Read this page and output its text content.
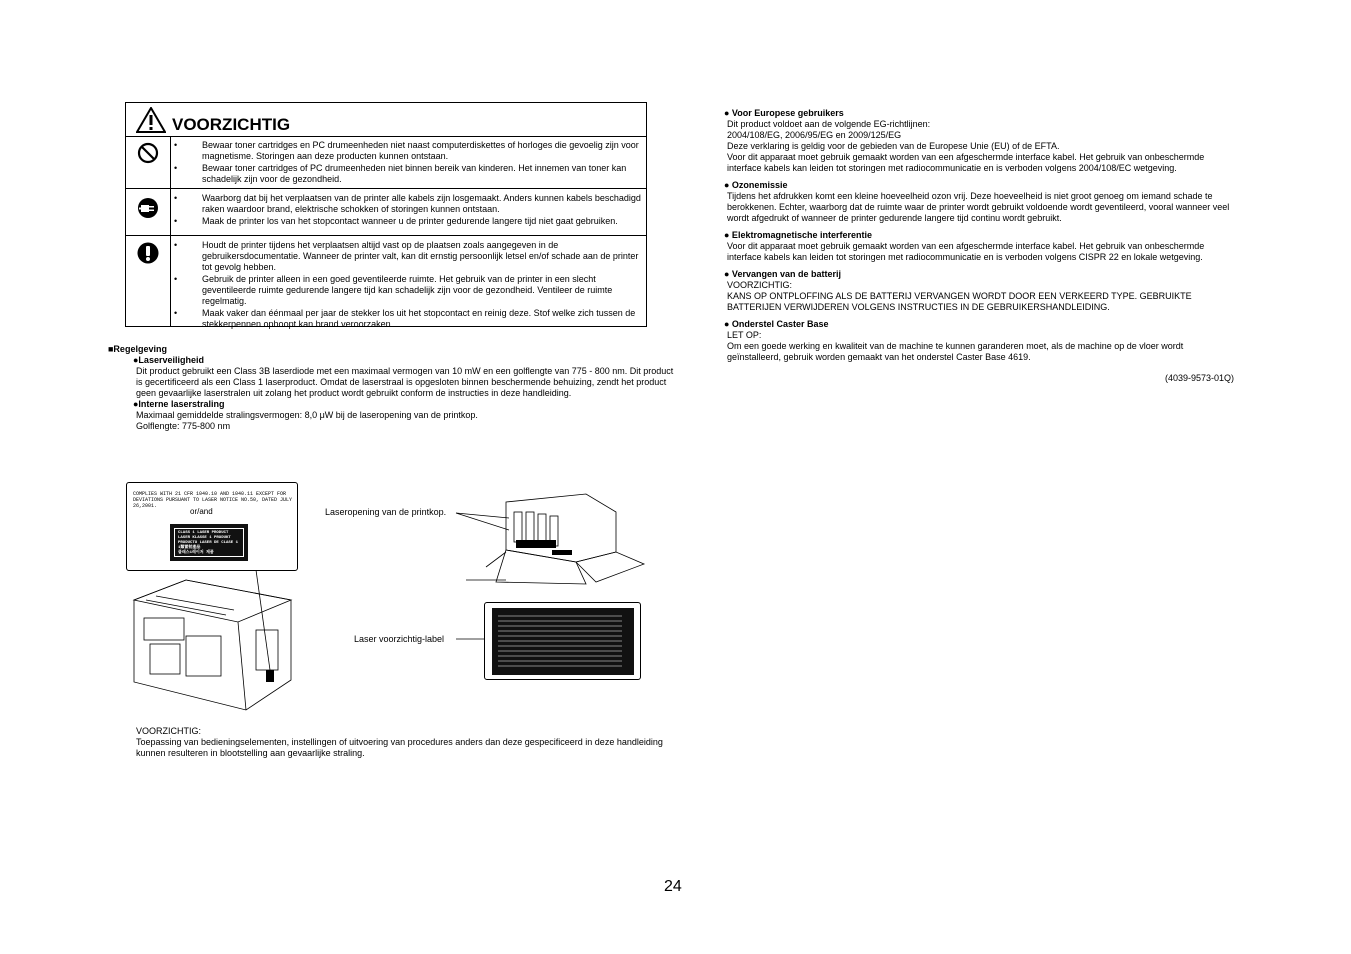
VOORZICHTIG
• Bewaar toner cartridges en PC drumeenheden niet naast computerdiskettes of horloges die gevoelig zijn voor magnetisme. Storingen aan deze producten kunnen ontstaan.
• Bewaar toner cartridges of PC drumeenheden niet binnen bereik van kinderen. Het innemen van toner kan schadelijk zijn voor de gezondheid.
• Waarborg dat bij het verplaatsen van de printer alle kabels zijn losgemaakt. Anders kunnen kabels beschadigd raken waardoor brand, elektrische schokken of storingen kunnen ontstaan.
• Maak de printer los van het stopcontact wanneer u de printer gedurende langere tijd niet gaat gebruiken.
• Houdt de printer tijdens het verplaatsen altijd vast op de plaatsen zoals aangegeven in de gebruikersdocumentatie. Wanneer de printer valt, kan dit ernstig persoonlijk letsel en/of schade aan de printer tot gevolg hebben.
• Gebruik de printer alleen in een goed geventileerde ruimte. Het gebruik van de printer in een slecht geventileerde ruimte gedurende langere tijd kan schadelijk zijn voor de gezondheid. Ventileer de ruimte regelmatig.
• Maak vaker dan éénmaal per jaar de stekker los uit het stopcontact en reinig deze. Stof welke zich tussen de stekkerpennen ophoopt kan brand veroorzaken.
■Regelgeving
●Laserveiligheid
Dit product gebruikt een Class 3B laserdiode met een maximaal vermogen van 10 mW en een golflengte van 775 - 800 nm. Dit product is gecertificeerd als een Class 1 laserproduct. Omdat de laserstraal is opgesloten binnen beschermende behuizing, zendt het product geen gevaarlijke laserstralen uit zolang het product wordt gebruikt conform de instructies in deze handleiding.
●Interne laserstraling
Maximaal gemiddelde stralingsvermogen: 8,0 μW bij de laseropening van de printkop.
Golflengte: 775-800 nm
COMPLIES WITH 21 CFR 1040.10 AND 1040.11 EXCEPT FOR
DEVIATIONS PURSUANT TO LASER NOTICE NO.50, DATED JULY 26,2001.
or/and
CLASS 1 LASER PRODUCT
LASER KLASSE 1 PRODUKT
PRODUCTO LASER DE CLASE 1
1類雷射產品
클래스1레이저 제품
Laseropening van de printkop.
Laser voorzichtig-label
VOORZICHTIG:
Toepassing van bedieningselementen, instellingen of uitvoering van procedures anders dan deze gespecificeerd in deze handleiding kunnen resulteren in blootstelling aan gevaarlijke straling.
● Voor Europese gebruikers
Dit product voldoet aan de volgende EG-richtlijnen:
2004/108/EG, 2006/95/EG en 2009/125/EG
Deze verklaring is geldig voor de gebieden van de Europese Unie (EU) of de EFTA.
Voor dit apparaat moet gebruik gemaakt worden van een afgeschermde interface kabel. Het gebruik van onbeschermde interface kabels kan leiden tot storingen met radiocommunicatie en is verboden volgens 2004/108/EC wetgeving.
● Ozonemissie
Tijdens het afdrukken komt een kleine hoeveelheid ozon vrij. Deze hoeveelheid is niet groot genoeg om iemand schade te berokkenen. Echter, waarborg dat de ruimte waar de printer wordt gebruikt voldoende wordt geventileerd, vooral wanneer veel wordt afgedrukt of wanneer de printer gedurende langere tijd continu wordt gebruikt.
● Elektromagnetische interferentie
Voor dit apparaat moet gebruik gemaakt worden van een afgeschermde interface kabel. Het gebruik van onbeschermde interface kabels kan leiden tot storingen met radiocommunicatie en is verboden volgens CISPR 22 en lokale wetgeving.
● Vervangen van de batterij
VOORZICHTIG:
KANS OP ONTPLOFFING ALS DE BATTERIJ VERVANGEN WORDT DOOR EEN VERKEERD TYPE. GEBRUIKTE BATTERIJEN VERWIJDEREN VOLGENS INSTRUCTIES IN DE GEBRUIKERSHANDLEIDING.
● Onderstel Caster Base
LET OP:
Om een goede werking en kwaliteit van de machine te kunnen garanderen moet, als de machine op de vloer wordt geïnstalleerd, gebruik worden gemaakt van het onderstel Caster Base 4619.
(4039-9573-01Q)
24
